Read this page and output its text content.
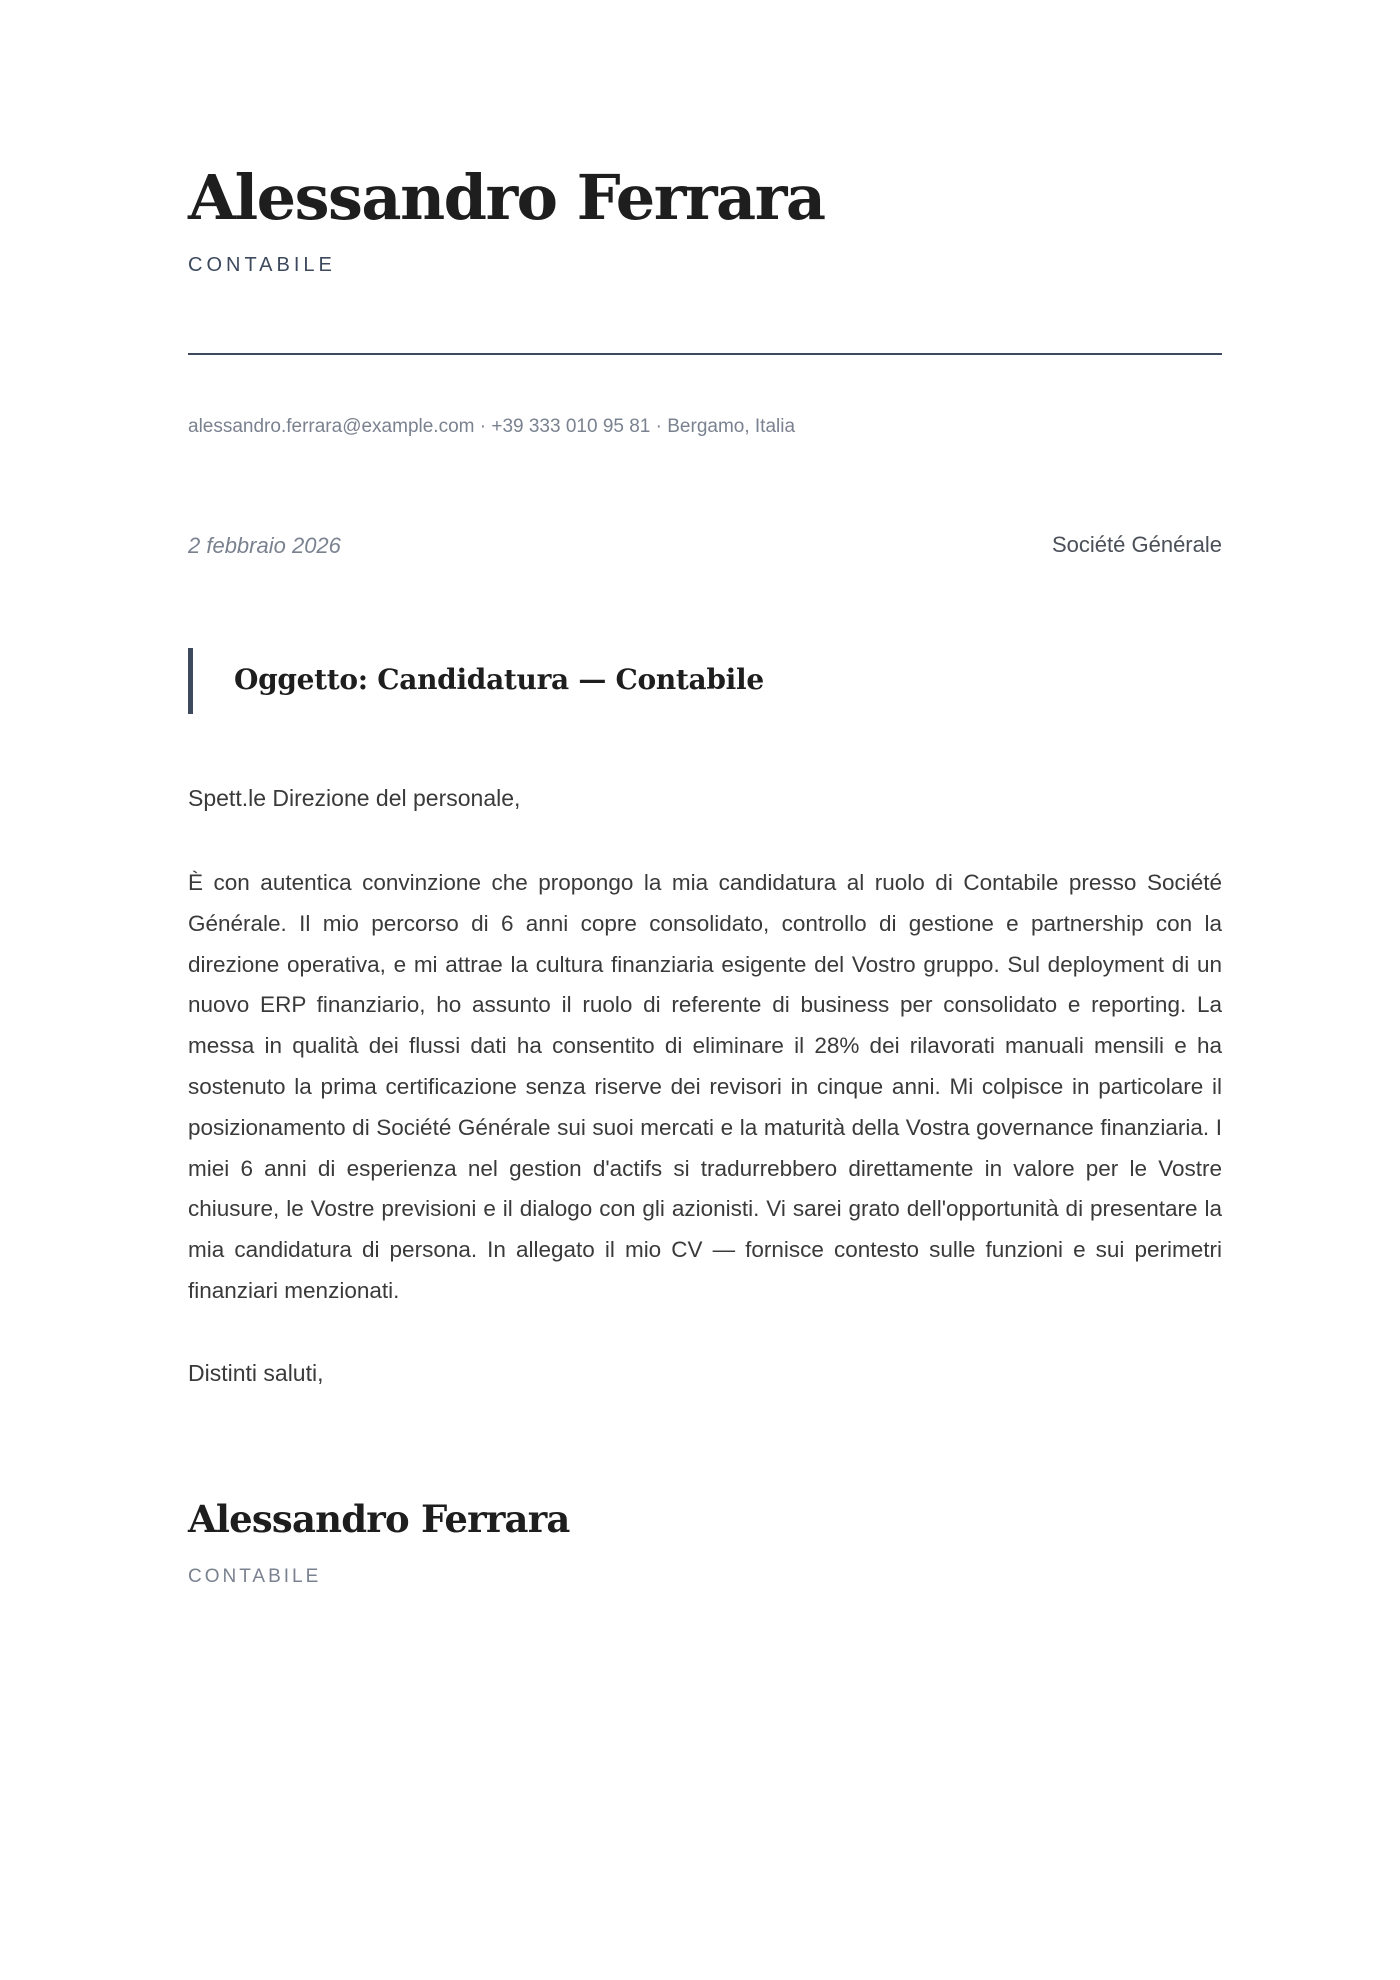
Alessandro Ferrara
CONTABILE
alessandro.ferrara@example.com · +39 333 010 95 81 · Bergamo, Italia
2 febbraio 2026	Société Générale
Oggetto: Candidatura — Contabile
Spett.le Direzione del personale,

È con autentica convinzione che propongo la mia candidatura al ruolo di Contabile presso Société Générale. Il mio percorso di 6 anni copre consolidato, controllo di gestione e partnership con la direzione operativa, e mi attrae la cultura finanziaria esigente del Vostro gruppo. Sul deployment di un nuovo ERP finanziario, ho assunto il ruolo di referente di business per consolidato e reporting. La messa in qualità dei flussi dati ha consentito di eliminare il 28% dei rilavorati manuali mensili e ha sostenuto la prima certificazione senza riserve dei revisori in cinque anni. Mi colpisce in particolare il posizionamento di Société Générale sui suoi mercati e la maturità della Vostra governance finanziaria. I miei 6 anni di esperienza nel gestion d'actifs si tradurrebbero direttamente in valore per le Vostre chiusure, le Vostre previsioni e il dialogo con gli azionisti. Vi sarei grato dell'opportunità di presentare la mia candidatura di persona. In allegato il mio CV — fornisce contesto sulle funzioni e sui perimetri finanziari menzionati.

Distinti saluti,
Alessandro Ferrara
CONTABILE
